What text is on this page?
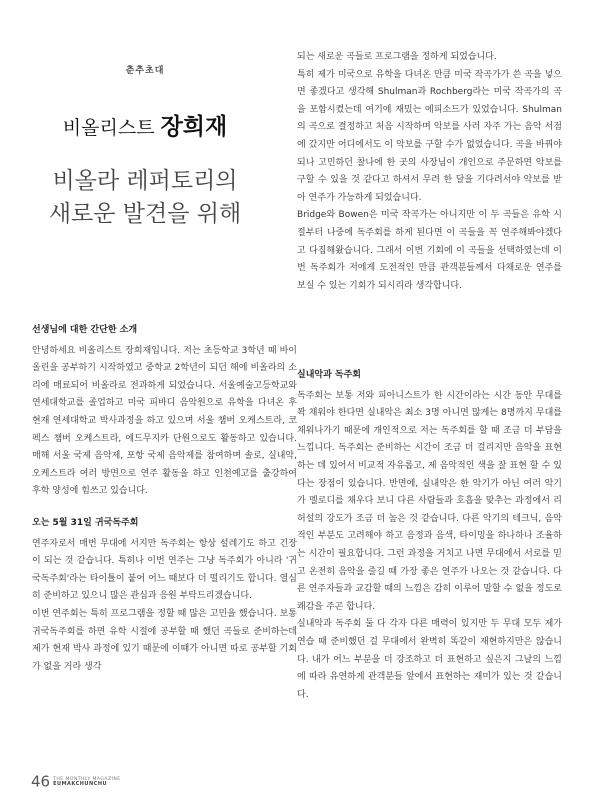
춘추초대
비올리스트 장희재
비올라 레퍼토리의
새로운 발견을 위해

선생님에 대한 간단한 소개

안녕하세요 비올리스트 장희재입니다. 저는 초등학교 3학년 때 바이올린을 공부하기 시작하였고 중학교 2학년이 되던 해에 비올라의 소리에 매료되어 비올라로 전과하게 되었습니다. 서울예술고등학교와 연세대학교를 졸업하고 미국 피바디 음악원으로 유학을 다녀온 후 현재 연세대학교 박사과정을 하고 있으며 서울 챔버 오케스트라, 코펙스 챔버 오케스트라, 에드무지카 단원으로도 활동하고 있습니다. 매해 서울 국제 음악제, 포항 국제 음악제를 참여하며 솔로, 실내악, 오케스트라 여러 방면으로 연주 활동을 하고 인천예고를 출강하여 후학 양성에 힘쓰고 있습니다.

오는 5월 31일 귀국독주회

연주자로서 매번 무대에 서지만 독주회는 항상 설레기도 하고 긴장이 되는 것 같습니다. 특히나 이번 연주는 그냥 독주회가 아니라 '귀국독주회'라는 타이틀이 붙어 어느 때보다 더 떨리기도 합니다. 열심히 준비하고 있으니 많은 관심과 응원 부탁드리겠습니다.

이번 연주회는 특히 프로그램을 정할 때 많은 고민을 했습니다. 보통 귀국독주회를 하면 유학 시절에 공부할 때 했던 곡들로 준비하는데 제가 현재 박사 과정에 있기 때문에 이때가 아니면 따로 공부할 기회가 없을 거라 생각

되는 새로운 곡들로 프로그램을 정하게 되었습니다.

특히 제가 미국으로 유학을 다녀온 만큼 미국 작곡가가 쓴 곡을 넣으면 좋겠다고 생각해 Shulman과 Rochberg라는 미국 작곡가의 곡을 포함시켰는데 여기에 재밌는 에피소드가 있었습니다. Shulman의 곡으로 결정하고 처음 시작하며 악보를 사러 자주 가는 음악 서점에 갔지만 어디에서도 이 악보를 구할 수가 없었습니다. 곡을 바꿔야 되나 고민하던 찰나에 한 곳의 사장님이 개인으로 주문하면 악보를 구할 수 있을 것 같다고 하셔서 무려 한 달을 기다려서야 악보를 받아 연주가 가능하게 되었습니다.

Bridge와 Bowen은 미국 작곡가는 아니지만 이 두 곡들은 유학 시절부터 나중에 독주회를 하게 된다면 이 곡들을 꼭 연주해봐야겠다고 다짐해왔습니다. 그래서 이번 기회에 이 곡들을 선택하였는데 이번 독주회가 저에게 도전적인 만큼 관객분들께서 다채로운 연주를 보실 수 있는 기회가 되시리라 생각합니다.

실내악과 독주회

독주회는 보통 저와 피아니스트가 한 시간이라는 시간 동안 무대를 꽉 채워야 한다면 실내악은 최소 3명 아니면 많게는 8명까지 무대를 채워나가기 때문에 개인적으로 저는 독주회를 할 때 조금 더 부담을 느낍니다. 독주회는 준비하는 시간이 조금 더 걸리지만 음악을 표현하는 데 있어서 비교적 자유롭고, 제 음악적인 색을 잘 표현 할 수 있다는 장점이 있습니다. 반면에, 실내악은 한 악기가 아닌 여러 악기가 멜로디를 채우다 보니 다른 사람들과 호흡을 맞추는 과정에서 리허설의 강도가 조금 더 높은 것 같습니다. 다른 악기의 테크닉, 음악적인 부분도 고려해야 하고 음정과 음색, 타이밍을 하나하나 조율하는 시간이 필요합니다. 그런 과정을 거치고 나면 무대에서 서로를 믿고 온전히 음악을 즐길 때 가장 좋은 연주가 나오는 것 같습니다. 다른 연주자들과 교감할 때의 느낌은 감히 이루어 말할 수 없을 정도로 쾌감을 주곤 합니다.

실내악과 독주회 둘 다 각자 다른 매력이 있지만 두 무대 모두 제가 연습 때 준비했던 걸 무대에서 완벽히 똑같이 재현하지만은 않습니다. 내가 어느 부분을 더 강조하고 더 표현하고 싶은지 그날의 느낌에 따라 유연하게 관객분들 앞에서 표현하는 재미가 있는 것 같습니다.

46 THE MONTHLY MAGAZINE
EUMAKCHUNCHU
